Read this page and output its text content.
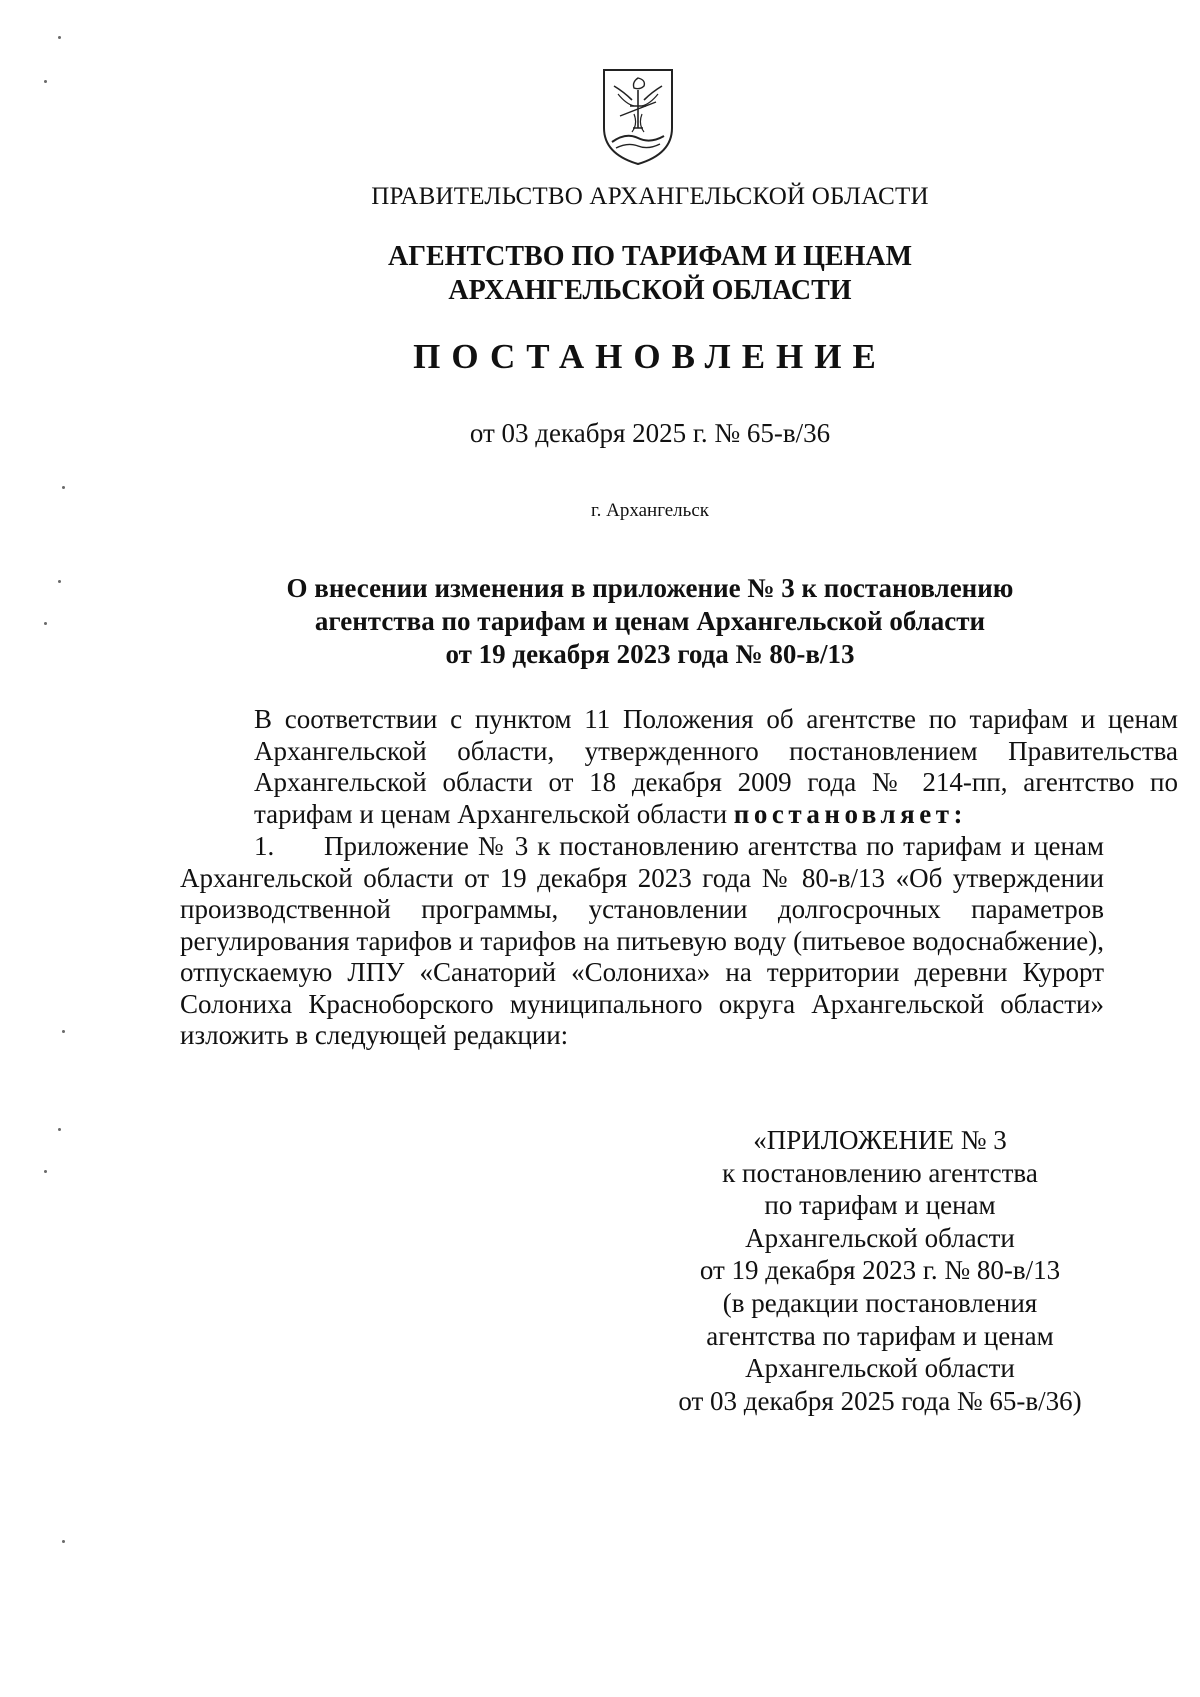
ПРАВИТЕЛЬСТВО АРХАНГЕЛЬСКОЙ ОБЛАСТИ
АГЕНТСТВО ПО ТАРИФАМ И ЦЕНАМ
АРХАНГЕЛЬСКОЙ ОБЛАСТИ
ПОСТАНОВЛЕНИЕ
от 03 декабря 2025 г. № 65-в/36
г. Архангельск
О внесении изменения в приложение № 3 к постановлению
агентства по тарифам и ценам Архангельской области
от 19 декабря 2023 года № 80-в/13
В соответствии с пунктом 11 Положения об агентстве по тарифам и ценам Архангельской области, утвержденного постановлением Правительства Архангельской области от 18 декабря 2009 года № 214-пп, агентство по тарифам и ценам Архангельской области постановляет:
1. Приложение № 3 к постановлению агентства по тарифам и ценам Архангельской области от 19 декабря 2023 года № 80-в/13 «Об утверждении производственной программы, установлении долгосрочных параметров регулирования тарифов и тарифов на питьевую воду (питьевое водоснабжение), отпускаемую ЛПУ «Санаторий «Солониха» на территории деревни Курорт Солониха Красноборского муниципального округа Архангельской области» изложить в следующей редакции:
«ПРИЛОЖЕНИЕ № 3
к постановлению агентства
по тарифам и ценам
Архангельской области
от 19 декабря 2023 г. № 80-в/13
(в редакции постановления
агентства по тарифам и ценам
Архангельской области
от 03 декабря 2025 года № 65-в/36)
